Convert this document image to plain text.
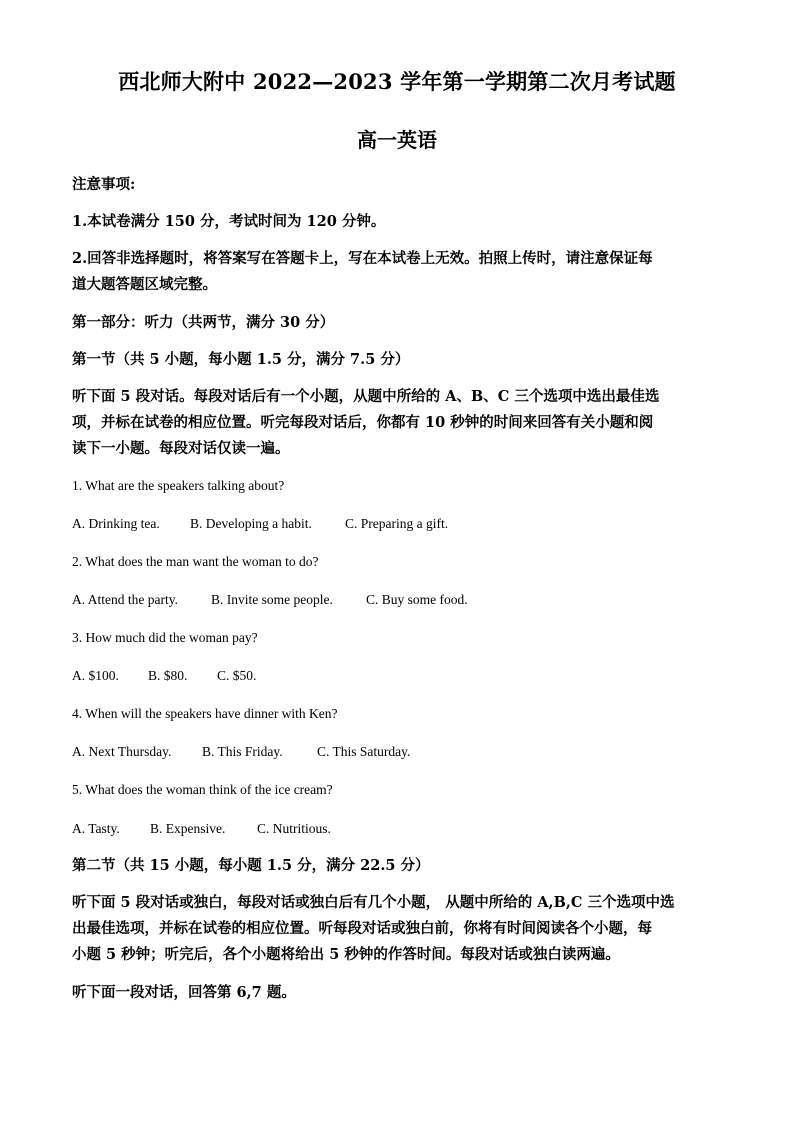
西北师大附中 2022—2023 学年第一学期第二次月考试题
高一英语
注意事项:
1.本试卷满分 150 分，考试时间为 120 分钟。
2.回答非选择题时，将答案写在答题卡上，写在本试卷上无效。拍照上传时，请注意保证每
道大题答题区域完整。
第一部分：听力（共两节，满分 30 分）
第一节（共 5 小题，每小题 1.5 分，满分 7.5 分）
听下面 5 段对话。每段对话后有一个小题，从题中所给的 A、B、C 三个选项中选出最佳选
项，并标在试卷的相应位置。听完每段对话后，你都有 10 秒钟的时间来回答有关小题和阅
读下一小题。每段对话仅读一遍。
1. What are the speakers talking about?
A. Drinking tea.	B. Developing a habit.	C. Preparing a gift.
2. What does the man want the woman to do?
A. Attend the party.	B. Invite some people.	C. Buy some food.
3. How much did the woman pay?
A. $100.	B. $80.	C. $50.
4. When will the speakers have dinner with Ken?
A. Next Thursday.	B. This Friday.	C. This Saturday.
5. What does the woman think of the ice cream?
A. Tasty.	B. Expensive.	C. Nutritious.
第二节（共 15 小题，每小题 1.5 分，满分 22.5 分）
听下面 5 段对话或独白，每段对话或独白后有几个小题， 从题中所给的 A,B,C 三个选项中选
出最佳选项，并标在试卷的相应位置。听每段对话或独白前，你将有时间阅读各个小题，每
小题 5 秒钟；听完后，各个小题将给出 5 秒钟的作答时间。每段对话或独白读两遍。
听下面一段对话，回答第 6,7 题。
